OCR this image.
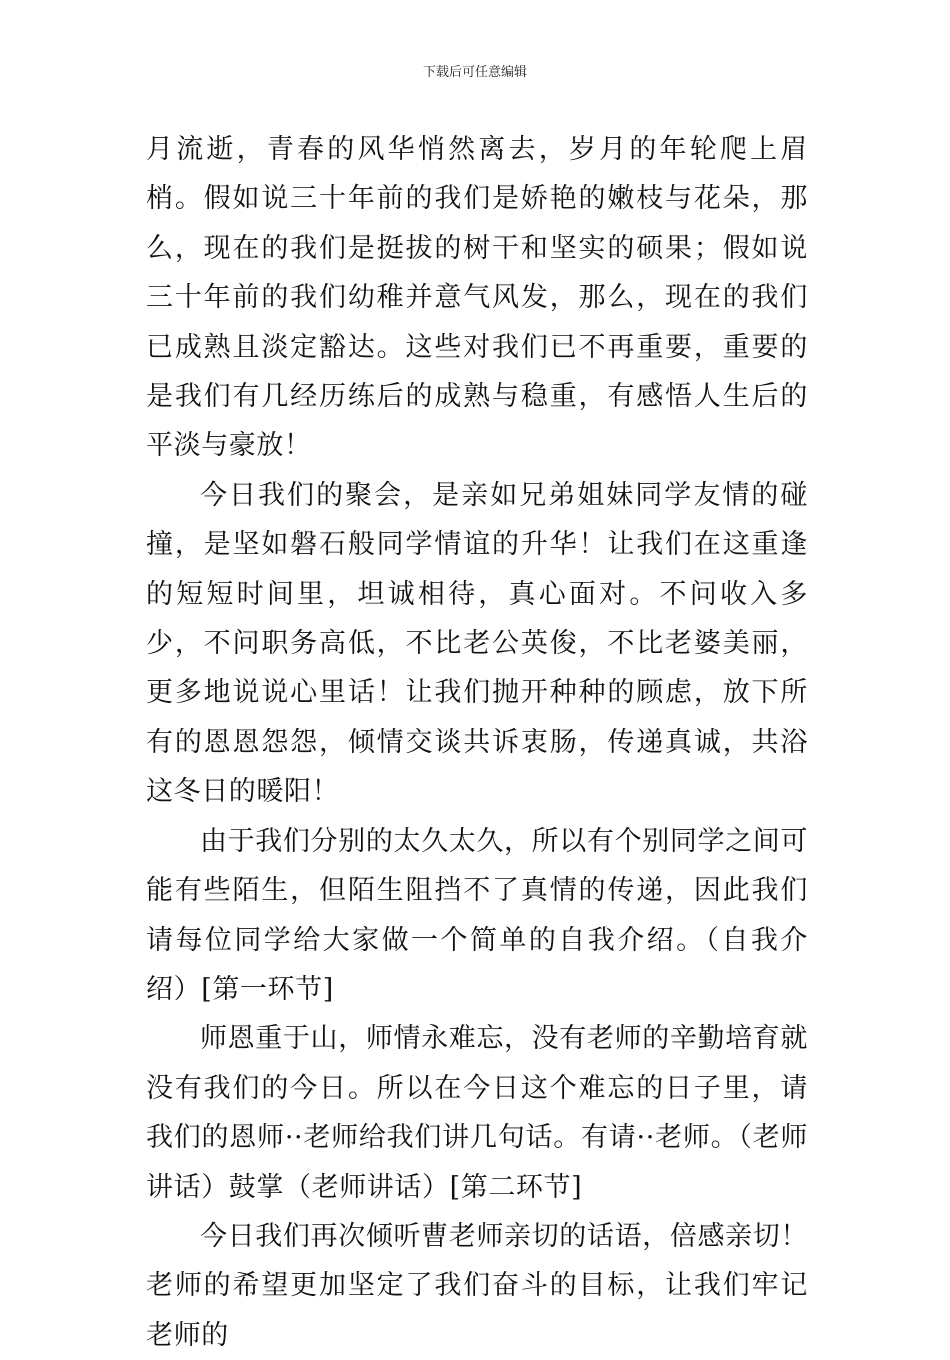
下载后可任意编辑

月流逝，青春的风华悄然离去，岁月的年轮爬上眉梢。假如说三十年前的我们是娇艳的嫩枝与花朵，那么，现在的我们是挺拔的树干和坚实的硕果；假如说三十年前的我们幼稚并意气风发，那么，现在的我们已成熟且淡定豁达。这些对我们已不再重要，重要的是我们有几经历练后的成熟与稳重，有感悟人生后的平淡与豪放！

今日我们的聚会，是亲如兄弟姐妹同学友情的碰撞，是坚如磐石般同学情谊的升华！让我们在这重逢的短短时间里，坦诚相待，真心面对。不问收入多少，不问职务高低，不比老公英俊，不比老婆美丽，更多地说说心里话！让我们抛开种种的顾虑，放下所有的恩恩怨怨，倾情交谈共诉衷肠，传递真诚，共浴这冬日的暖阳！

由于我们分别的太久太久，所以有个别同学之间可能有些陌生，但陌生阻挡不了真情的传递，因此我们请每位同学给大家做一个简单的自我介绍。（自我介绍）[第一环节]

师恩重于山，师情永难忘，没有老师的辛勤培育就没有我们的今日。所以在今日这个难忘的日子里，请我们的恩师··老师给我们讲几句话。有请··老师。（老师讲话）鼓掌（老师讲话）[第二环节]

今日我们再次倾听曹老师亲切的话语，倍感亲切！老师的希望更加坚定了我们奋斗的目标，让我们牢记老师的
